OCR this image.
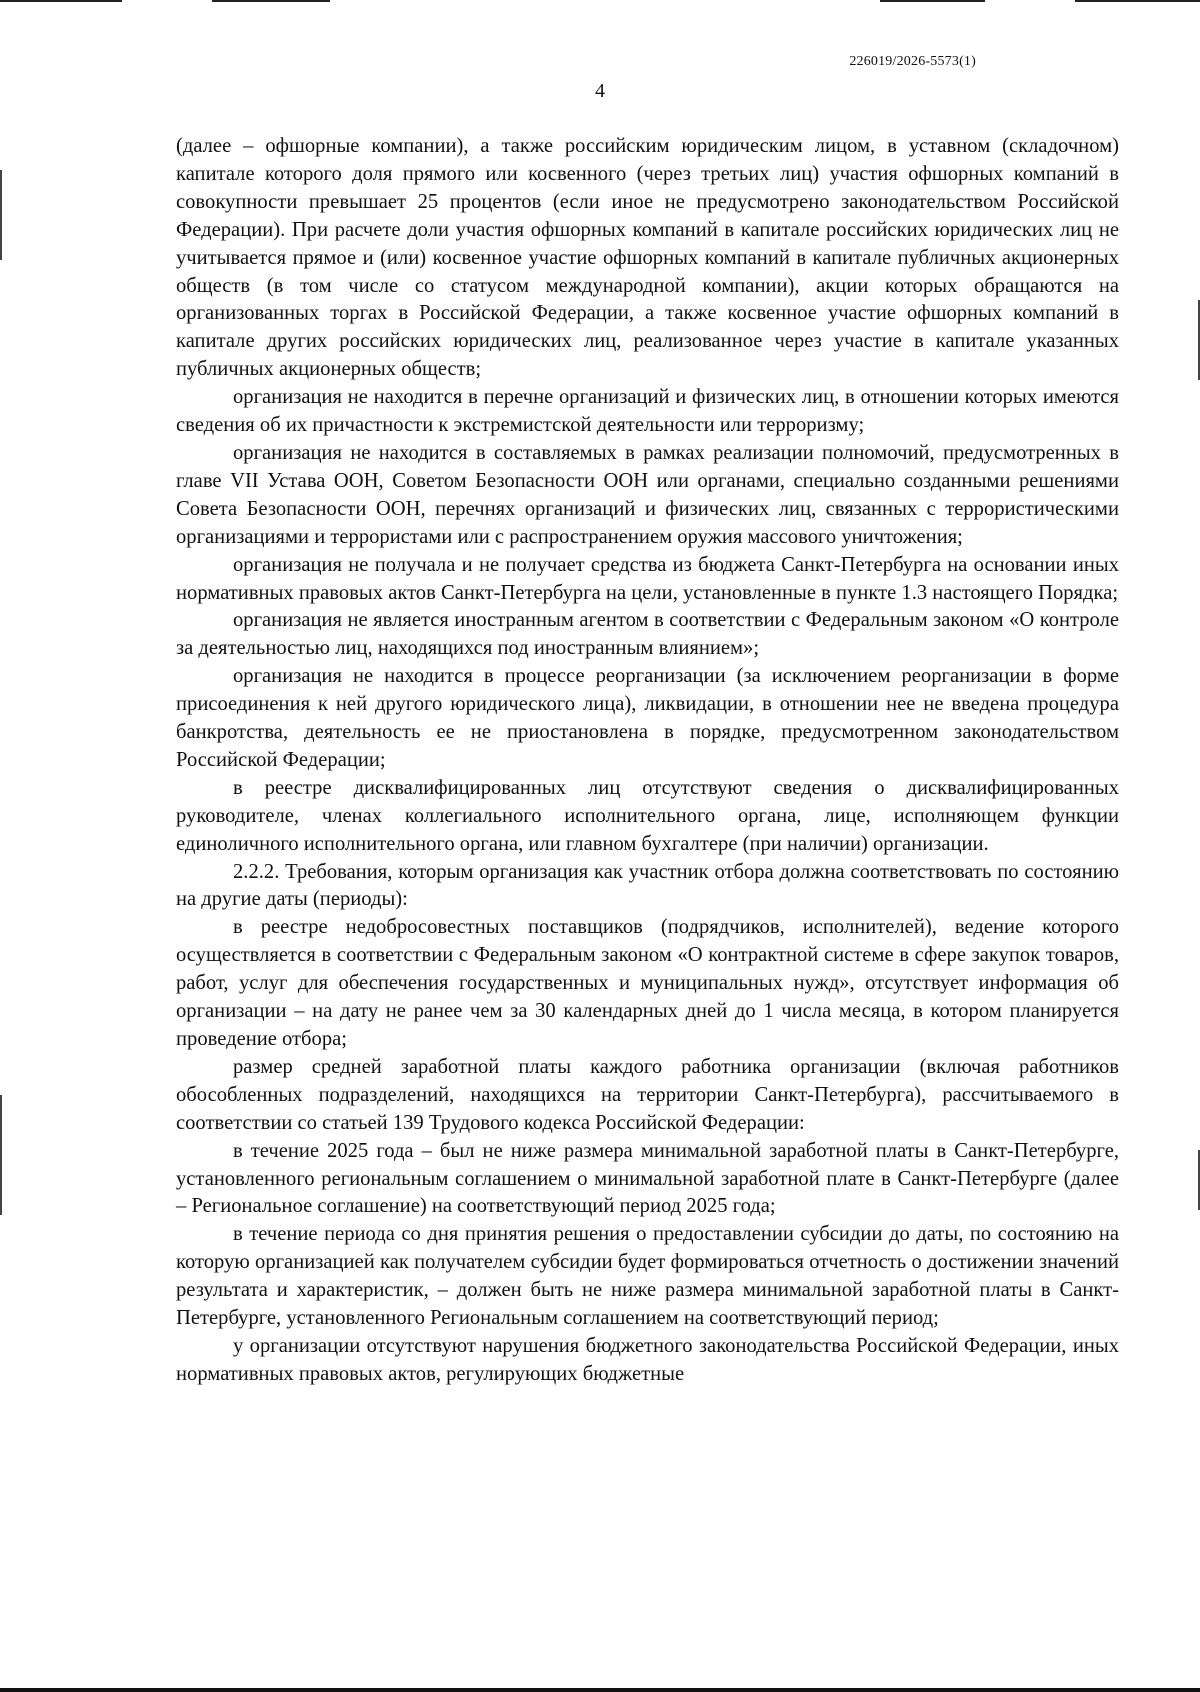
226019/2026-5573(1)
4

(далее – офшорные компании), а также российским юридическим лицом, в уставном (складочном) капитале которого доля прямого или косвенного (через третьих лиц) участия офшорных компаний в совокупности превышает 25 процентов (если иное не предусмотрено законодательством Российской Федерации). При расчете доли участия офшорных компаний в капитале российских юридических лиц не учитывается прямое и (или) косвенное участие офшорных компаний в капитале публичных акционерных обществ (в том числе со статусом международной компании), акции которых обращаются на организованных торгах в Российской Федерации, а также косвенное участие офшорных компаний в капитале других российских юридических лиц, реализованное через участие в капитале указанных публичных акционерных обществ;

организация не находится в перечне организаций и физических лиц, в отношении которых имеются сведения об их причастности к экстремистской деятельности или терроризму;

организация не находится в составляемых в рамках реализации полномочий, предусмотренных в главе VII Устава ООН, Советом Безопасности ООН или органами, специально созданными решениями Совета Безопасности ООН, перечнях организаций и физических лиц, связанных с террористическими организациями и террористами или с распространением оружия массового уничтожения;

организация не получала и не получает средства из бюджета Санкт-Петербурга на основании иных нормативных правовых актов Санкт-Петербурга на цели, установленные в пункте 1.3 настоящего Порядка;

организация не является иностранным агентом в соответствии с Федеральным законом «О контроле за деятельностью лиц, находящихся под иностранным влиянием»;

организация не находится в процессе реорганизации (за исключением реорганизации в форме присоединения к ней другого юридического лица), ликвидации, в отношении нее не введена процедура банкротства, деятельность ее не приостановлена в порядке, предусмотренном законодательством Российской Федерации;

в реестре дисквалифицированных лиц отсутствуют сведения о дисквалифицированных руководителе, членах коллегиального исполнительного органа, лице, исполняющем функции единоличного исполнительного органа, или главном бухгалтере (при наличии) организации.

2.2.2. Требования, которым организация как участник отбора должна соответствовать по состоянию на другие даты (периоды):

в реестре недобросовестных поставщиков (подрядчиков, исполнителей), ведение которого осуществляется в соответствии с Федеральным законом «О контрактной системе в сфере закупок товаров, работ, услуг для обеспечения государственных и муниципальных нужд», отсутствует информация об организации – на дату не ранее чем за 30 календарных дней до 1 числа месяца, в котором планируется проведение отбора;

размер средней заработной платы каждого работника организации (включая работников обособленных подразделений, находящихся на территории Санкт-Петербурга), рассчитываемого в соответствии со статьей 139 Трудового кодекса Российской Федерации:

в течение 2025 года – был не ниже размера минимальной заработной платы в Санкт-Петербурге, установленного региональным соглашением о минимальной заработной плате в Санкт-Петербурге (далее – Региональное соглашение) на соответствующий период 2025 года;

в течение периода со дня принятия решения о предоставлении субсидии до даты, по состоянию на которую организацией как получателем субсидии будет формироваться отчетность о достижении значений результата и характеристик, – должен быть не ниже размера минимальной заработной платы в Санкт-Петербурге, установленного Региональным соглашением на соответствующий период;

у организации отсутствуют нарушения бюджетного законодательства Российской Федерации, иных нормативных правовых актов, регулирующих бюджетные
